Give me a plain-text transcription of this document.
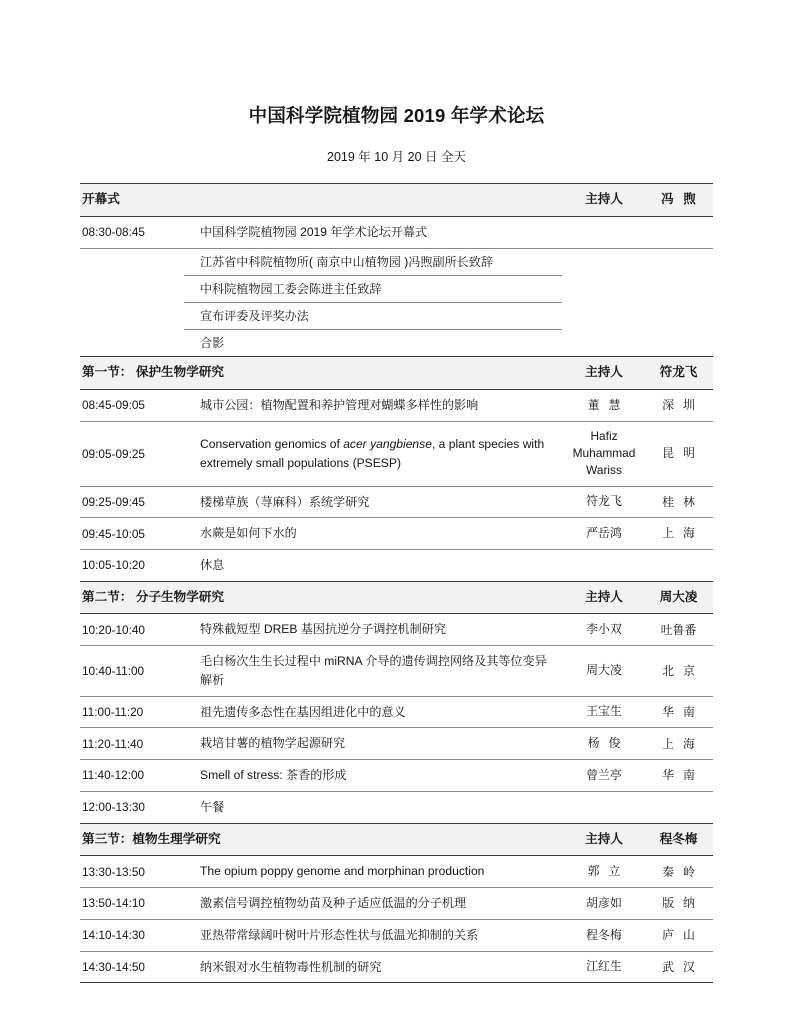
中国科学院植物园 2019 年学术论坛
2019 年 10 月 20 日 全天
开幕式		主持人	冯煦
08:30-08:45	中国科学院植物园 2019 年学术论坛开幕式		
	江苏省中科院植物所( 南京中山植物园 )冯煦副所长致辞		
	中科院植物园工委会陈进主任致辞		
	宣布评委及评奖办法		
	合影		
第一节： 保护生物学研究		主持人	符龙飞
08:45-09:05	城市公园：植物配置和养护管理对蝴蝶多样性的影响	董慧	深圳
09:05-09:25	Conservation genomics of acer yangbiense, a plant species with extremely small populations (PSESP)	Hafiz Muhammad Wariss	昆明
09:25-09:45	楼梯草族（荨麻科）系统学研究	符龙飞	桂林
09:45-10:05	水蕨是如何下水的	严岳鸿	上海
10:05-10:20	休息		
第二节： 分子生物学研究		主持人	周大凌
10:20-10:40	特殊截短型 DREB 基因抗逆分子调控机制研究	李小双	吐鲁番
10:40-11:00	毛白杨次生生长过程中 miRNA 介导的遗传调控网络及其等位变异解析	周大凌	北京
11:00-11:20	祖先遗传多态性在基因组进化中的意义	王宝生	华南
11:20-11:40	栽培甘薯的植物学起源研究	杨俊	上海
11:40-12:00	Smell of stress: 茶香的形成	曾兰亭	华南
12:00-13:30	午餐		
第三节：植物生理学研究		主持人	程冬梅
13:30-13:50	The opium poppy genome and morphinan production	郭立	秦岭
13:50-14:10	激素信号调控植物幼苗及种子适应低温的分子机理	胡彦如	版纳
14:10-14:30	亚热带常绿阔叶树叶片形态性状与低温光抑制的关系	程冬梅	庐山
14:30-14:50	纳米银对水生植物毒性机制的研究	江红生	武汉
